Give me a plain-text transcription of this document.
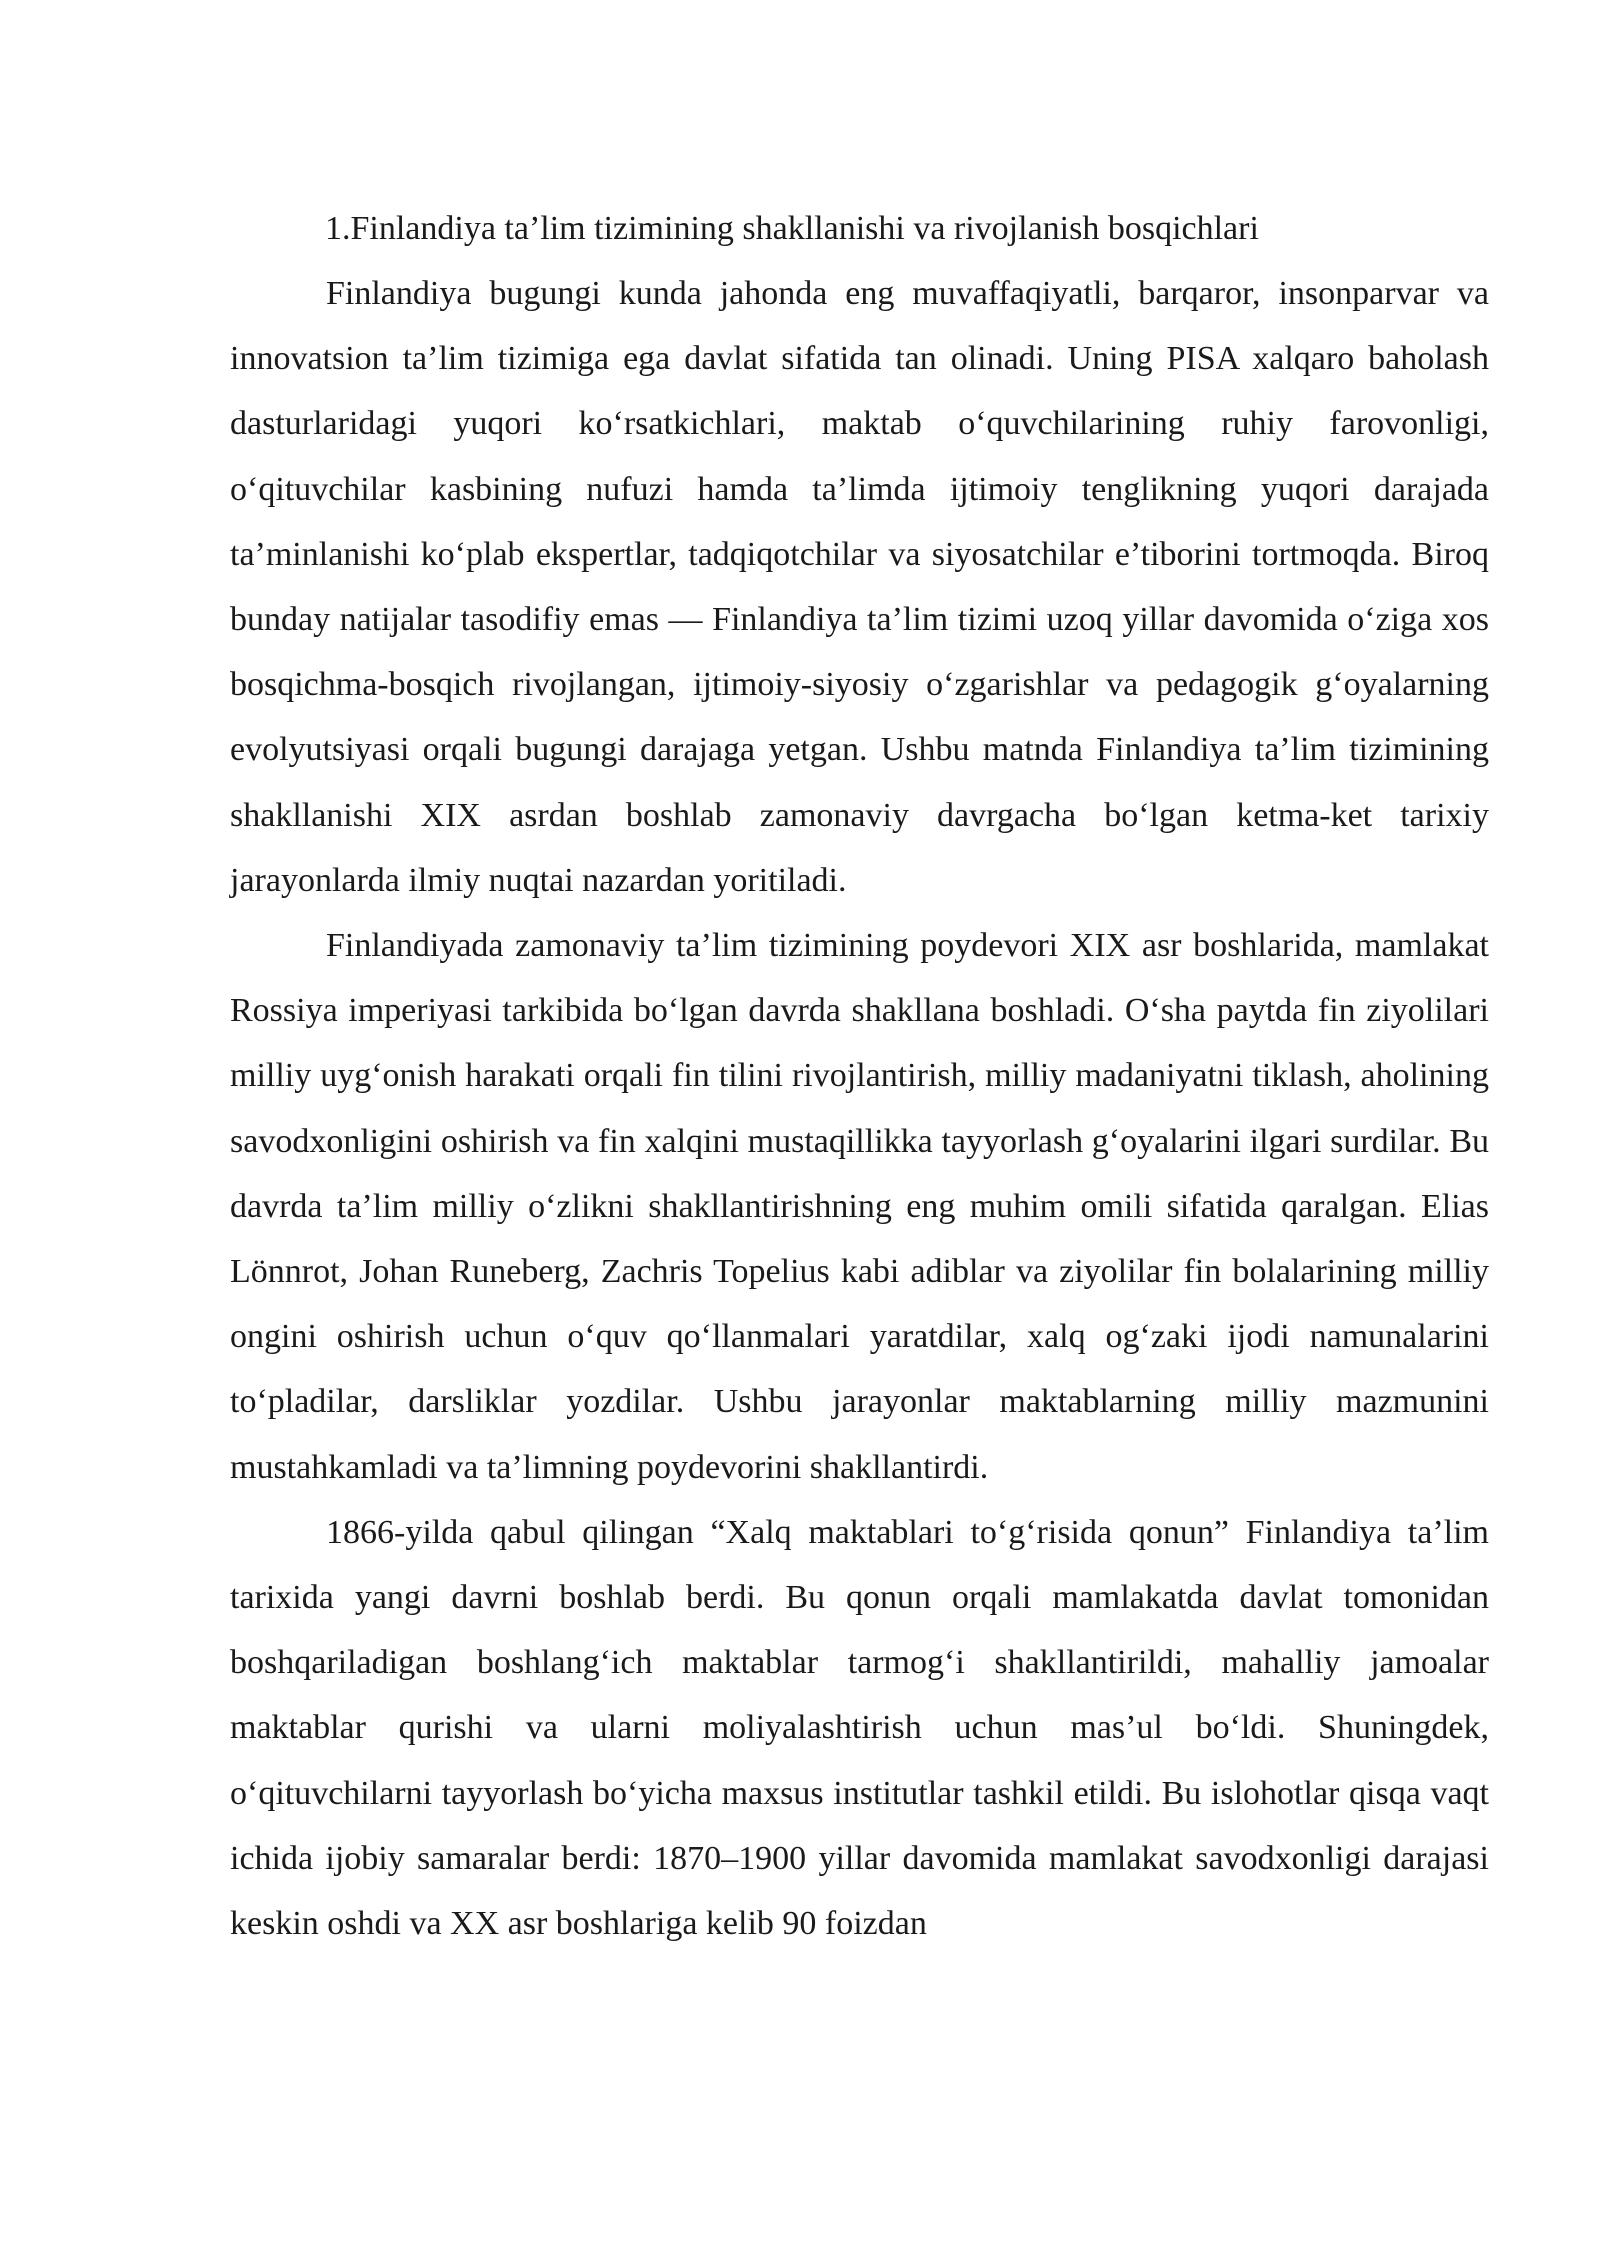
1.Finlandiya ta’lim tizimining shakllanishi va rivojlanish bosqichlari

Finlandiya bugungi kunda jahonda eng muvaffaqiyatli, barqaror, insonparvar va innovatsion ta’lim tizimiga ega davlat sifatida tan olinadi. Uning PISA xalqaro baholash dasturlaridagi yuqori ko‘rsatkichlari, maktab o‘quvchilarining ruhiy farovonligi, o‘qituvchilar kasbining nufuzi hamda ta’limda ijtimoiy tenglikning yuqori darajada ta’minlanishi ko‘plab ekspertlar, tadqiqotchilar va siyosatchilar e’tiborini tortmoqda. Biroq bunday natijalar tasodifiy emas — Finlandiya ta’lim tizimi uzoq yillar davomida o‘ziga xos bosqichma-bosqich rivojlangan, ijtimoiy-siyosiy o‘zgarishlar va pedagogik g‘oyalarning evolyutsiyasi orqali bugungi darajaga yetgan. Ushbu matnda Finlandiya ta’lim tizimining shakllanishi XIX asrdan boshlab zamonaviy davrgacha bo‘lgan ketma-ket tarixiy jarayonlarda ilmiy nuqtai nazardan yoritiladi.

Finlandiyada zamonaviy ta’lim tizimining poydevori XIX asr boshlarida, mamlakat Rossiya imperiyasi tarkibida bo‘lgan davrda shakllana boshladi. O‘sha paytda fin ziyolilari milliy uyg‘onish harakati orqali fin tilini rivojlantirish, milliy madaniyatni tiklash, aholining savodxonligini oshirish va fin xalqini mustaqillikka tayyorlash g‘oyalarini ilgari surdilar. Bu davrda ta’lim milliy o‘zlikni shakllantirishning eng muhim omili sifatida qaralgan. Elias Lönnrot, Johan Runeberg, Zachris Topelius kabi adiblar va ziyolilar fin bolalarining milliy ongini oshirish uchun o‘quv qo‘llanmalari yaratdilar, xalq og‘zaki ijodi namunalarini to‘pladilar, darsliklar yozdilar. Ushbu jarayonlar maktablarning milliy mazmunini mustahkamladi va ta’limning poydevorini shakllantirdi.

1866-yilda qabul qilingan “Xalq maktablari to‘g‘risida qonun” Finlandiya ta’lim tarixida yangi davrni boshlab berdi. Bu qonun orqali mamlakatda davlat tomonidan boshqariladigan boshlang‘ich maktablar tarmog‘i shakllantirildi, mahalliy jamoalar maktablar qurishi va ularni moliyalashtirish uchun mas’ul bo‘ldi. Shuningdek, o‘qituvchilarni tayyorlash bo‘yicha maxsus institutlar tashkil etildi. Bu islohotlar qisqa vaqt ichida ijobiy samaralar berdi: 1870–1900 yillar davomida mamlakat savodxonligi darajasi keskin oshdi va XX asr boshlariga kelib 90 foizdan
